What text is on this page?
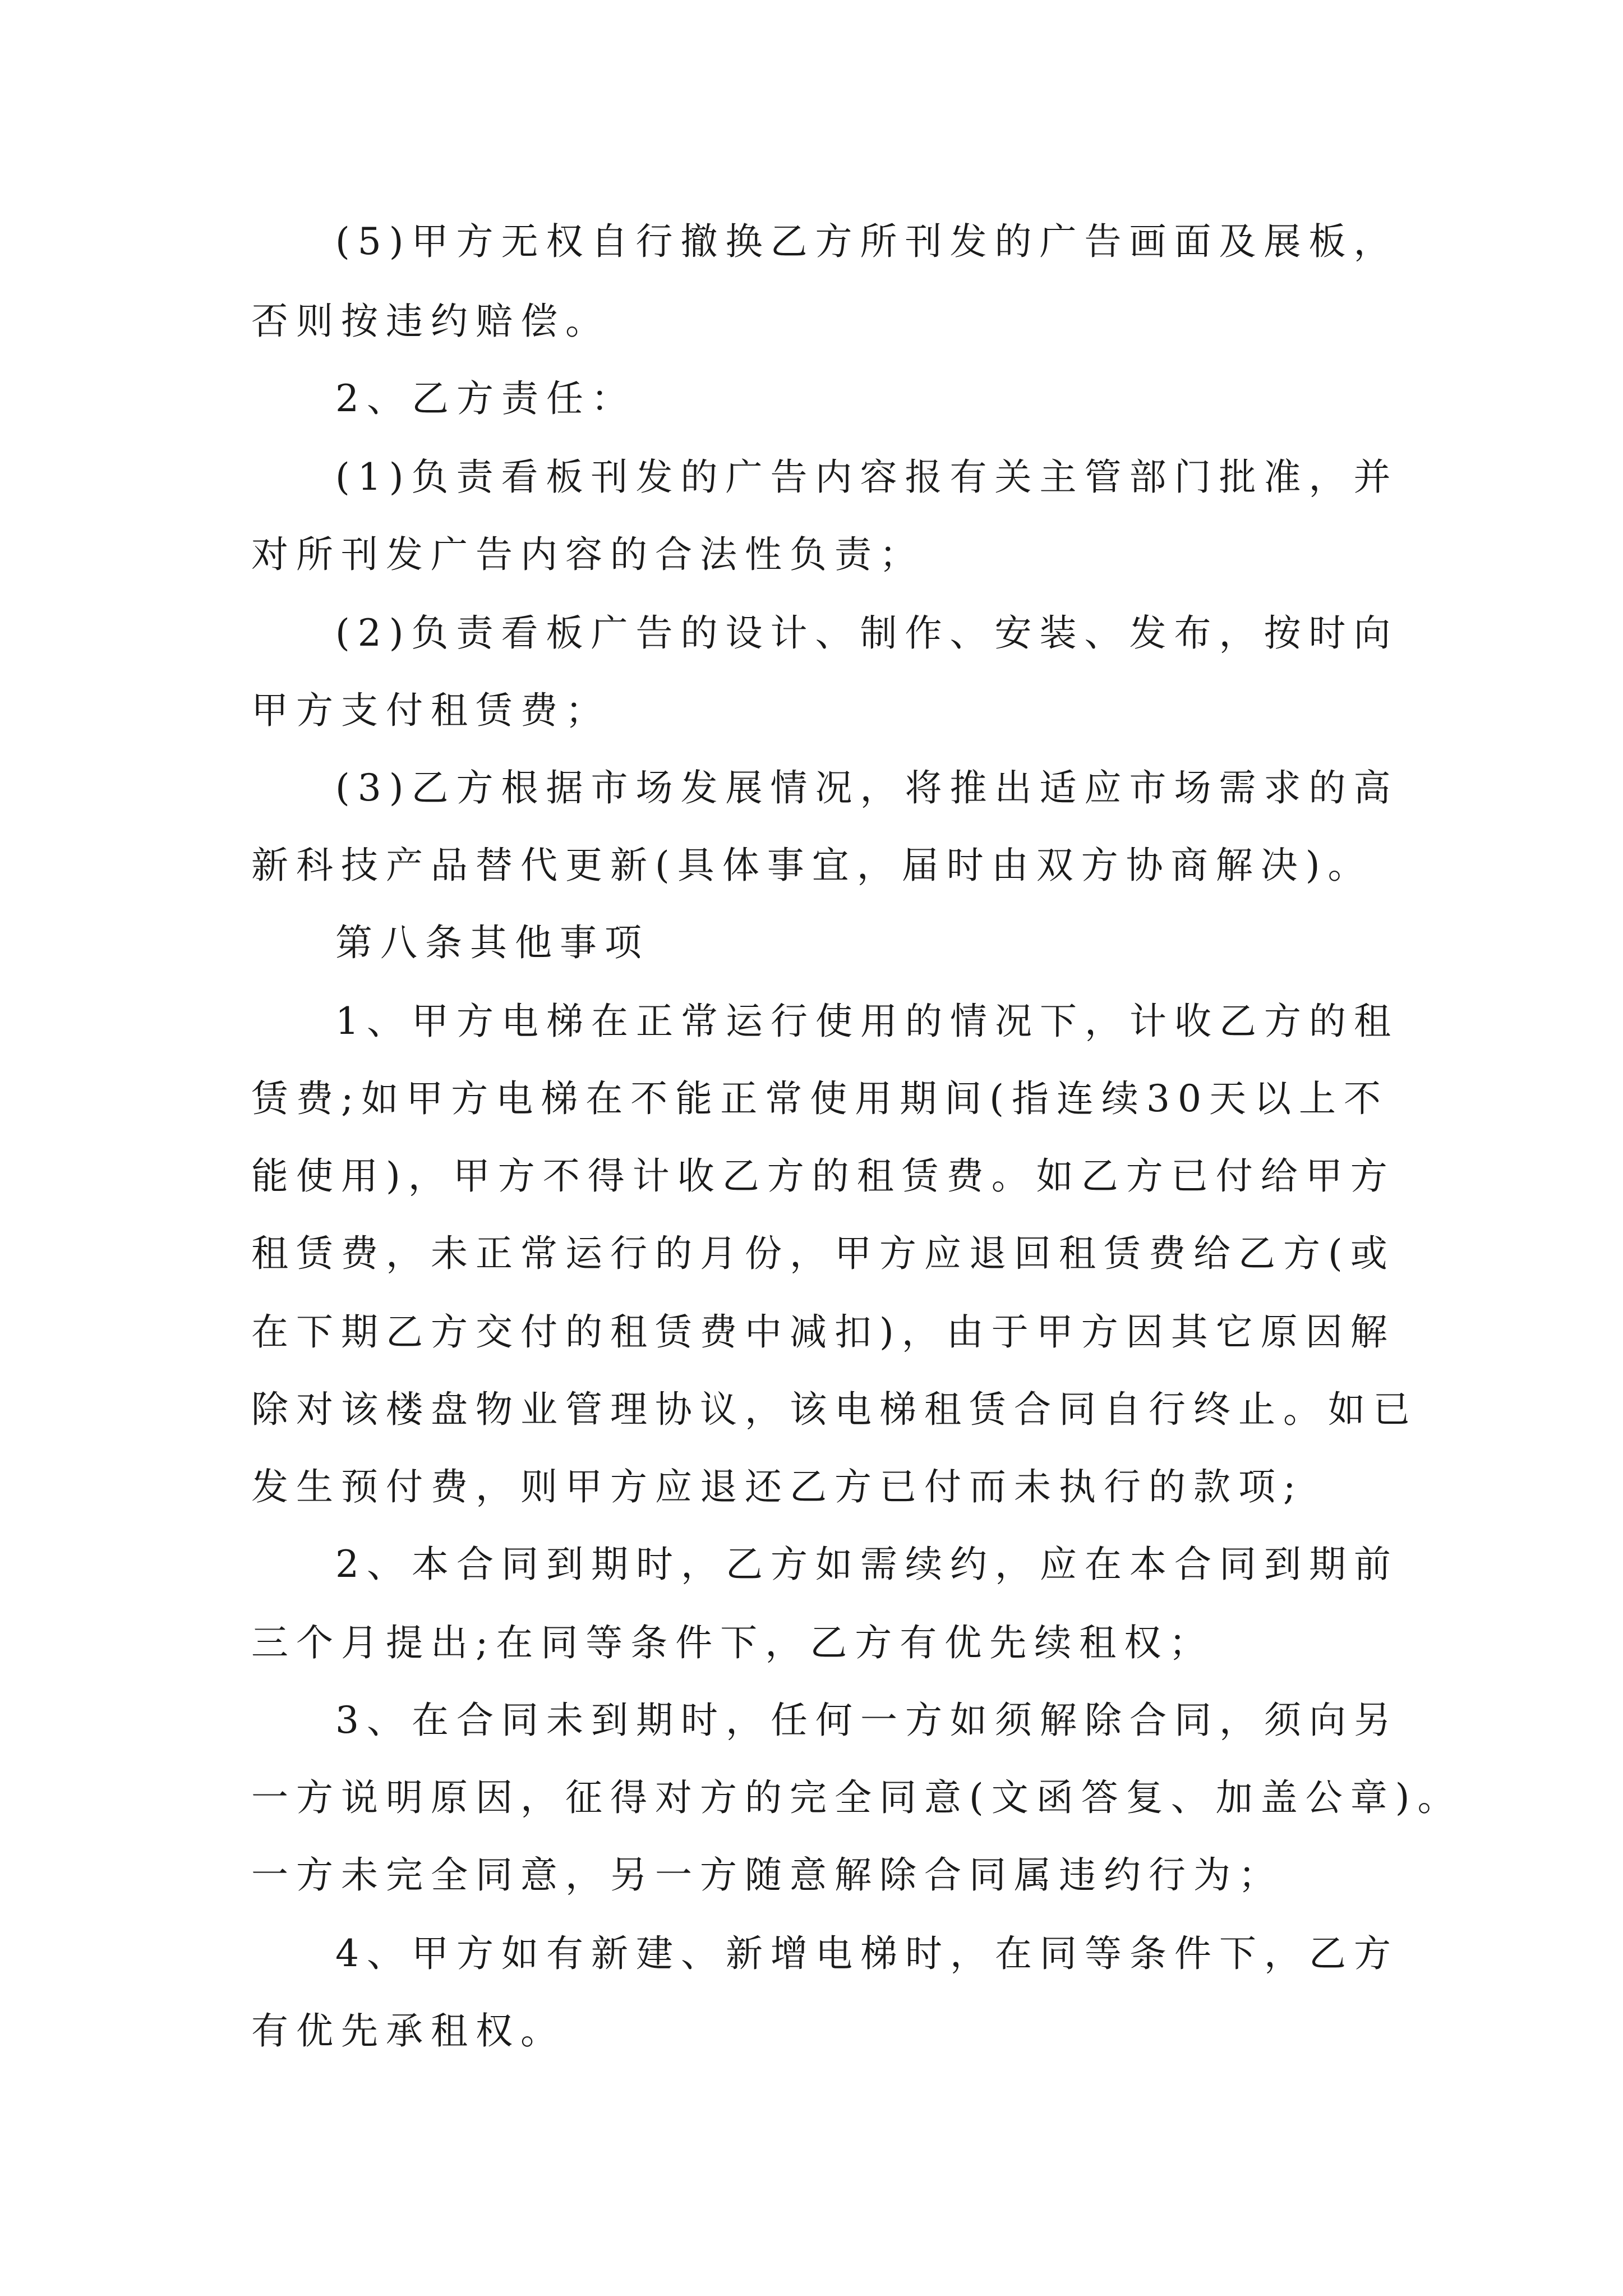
(5)甲方无权自行撤换乙方所刊发的广告画面及展板，
否则按违约赔偿。
2、乙方责任：
(1)负责看板刊发的广告内容报有关主管部门批准，并
对所刊发广告内容的合法性负责；
(2)负责看板广告的设计、制作、安装、发布，按时向
甲方支付租赁费；
(3)乙方根据市场发展情况，将推出适应市场需求的高
新科技产品替代更新(具体事宜，届时由双方协商解决)。
第八条其他事项
1、甲方电梯在正常运行使用的情况下，计收乙方的租
赁费;如甲方电梯在不能正常使用期间(指连续30天以上不
能使用)，甲方不得计收乙方的租赁费。如乙方已付给甲方
租赁费，未正常运行的月份，甲方应退回租赁费给乙方(或
在下期乙方交付的租赁费中减扣)，由于甲方因其它原因解
除对该楼盘物业管理协议，该电梯租赁合同自行终止。如已
发生预付费，则甲方应退还乙方已付而未执行的款项;
2、本合同到期时，乙方如需续约，应在本合同到期前
三个月提出;在同等条件下，乙方有优先续租权；
3、在合同未到期时，任何一方如须解除合同，须向另
一方说明原因，征得对方的完全同意(文函答复、加盖公章)。
一方未完全同意，另一方随意解除合同属违约行为；
4、甲方如有新建、新增电梯时，在同等条件下，乙方
有优先承租权。
